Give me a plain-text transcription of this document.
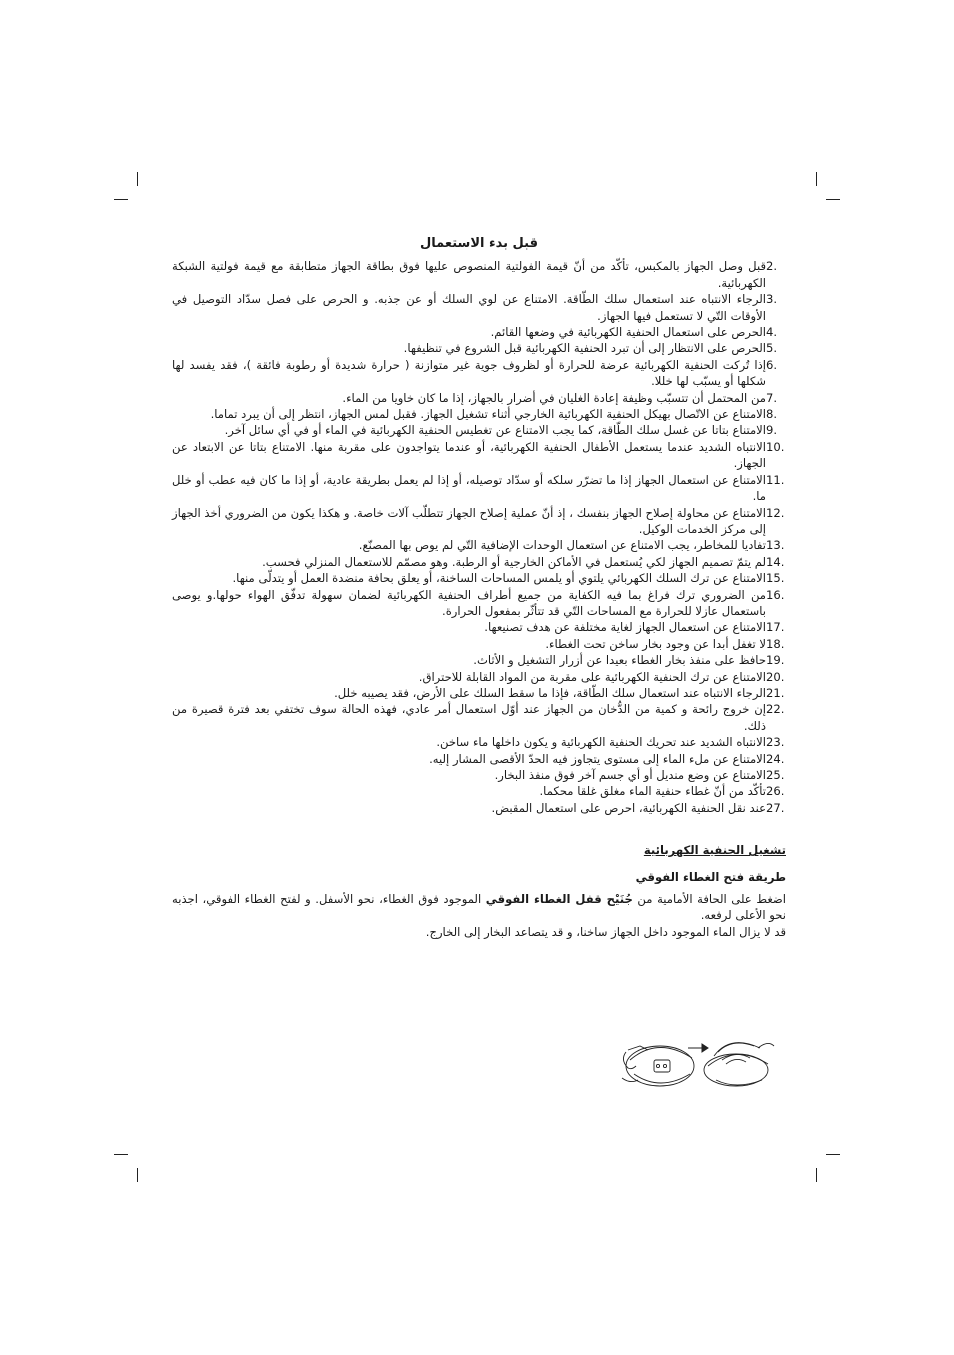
قبل بدء الاستعمال
2.
قبل وصل الجهاز بالمكبس، تأكّد من أنّ قيمة الفولتية المنصوص عليها فوق بطاقة الجهاز متطابقة مع قيمة فولتية الشبكة الكهربائية.
3.
الرجاء الانتباه عند استعمال سلك الطّاقة. الامتناع عن لوي السلك أو عن جذبه. و الحرص على فصل سدّاد التوصيل في الأوقات التّي لا تستعمل فيها الجهاز.
4.
الحرص على استعمال الحنفية الكهربائية في وضعها القائم.
5.
الحرص على الانتظار إلى أن تبرد الحنفية الكهربائية قبل الشروع في تنظيفها.
6.
إذا تُركت الحنفية الكهربائية عرضة للحرارة أو لظروف جوية غير متوازنة ( حرارة شديدة أو رطوبة فائقة )، فقد يفسد لها شكلها أو يسبّب لها خللا.
7.
من المحتمل أن تتسبّب وظيفة إعادة الغليان في أضرار بالجهاز، إذا ما كان خاويا من الماء.
8.
الامتناع عن الاتّصال بهيكل الحنفية الكهربائية الخارجي أثناء تشغيل الجهاز. فقبل لمس الجهاز، انتظر إلى أن يبرد تماما.
9.
الامتناع بتاتا عن غسل سلك الطّاقة، كما يجب الامتناع عن تغطيس الحنفية الكهربائية في الماء أو في أي سائل آخر.
10.
الانتباه الشديد عندما يستعمل الأطفال الحنفية الكهربائية، أو عندما يتواجدون على مقربة منها. الامتناع بتاتا عن الابتعاد عن الجهاز.
11.
الامتناع عن استعمال الجهاز إذا ما تضرّر سلكه أو سدّاد توصيله، أو إذا لم يعمل بطريقة عادية، أو إذا ما كان فيه عطب أو خلل ما.
12.
الامتناع عن محاولة إصلاح الجهاز بنفسك ، إذ أنّ عملية إصلاح الجهاز تتطلّب آلات خاصة. و هكذا يكون من الضروري أخذ الجهاز إلى مركز الخدمات الوكيل.
13.
تفاديا للمخاطر، يجب الامتناع عن استعمال الوحدات الإضافية التّي لم يوص بها المصنّع.
14.
لم يتمّ تصميم الجهاز لكي يُستعمل في الأماكن الخارجية أو الرطبة. وهو مصمّم للاستعمال المنزلي فحسب.
15.
الامتناع عن ترك السلك الكهربائي يلتوي أو يلمس المساحات الساخنة، أو يعلق بحافة منضدة العمل أو يتدلّى منها.
16.
من الضروري ترك فراغ بما فيه الكفاية من جميع أطراف الحنفية الكهربائية لضمان سهولة تدفّق الهواء حولها.و يوصى باستعمال عازلا للحرارة مع المساحات التّي قد تتأثّر بمفعول الحرارة.
17.
الامتناع عن استعمال الجهاز لغاية مختلفة عن هدف تصنيعها.
18.
لا تغفل أبدا عن وجود بخار ساخن تحت الغطاء.
19.
حافظ على منفذ بخار الغطاء بعيدا عن أزرار التشغيل و الأثاث.
20.
الامتناع عن ترك الحنفية الكهربائية على مقربة من المواد القابلة للاحتراق.
21.
الرجاء الانتباه عند استعمال سلك الطّاقة، فإذا ما سقط السلك على الأرض، فقد يصيبه خلل.
22.
إن خروج رائحة و كمية من الدُّخان من الجهاز عند أوّل استعمال أمر عادي، فهذه الحالة سوف تختفي بعد فترة قصيرة من ذلك.
23.
الانتباه الشديد عند تحريك الحنفية الكهربائية و يكون داخلها ماء ساخن.
24.
الامتناع عن ملء الماء إلى مستوى يتجاوز فيه الحدّ الأقصى المشار إليه.
25.
الامتناع عن وضع منديل أو أي جسم آخر فوق منفذ البخار.
26.
تأكّد من أنّ غطاء حنفية الماء مغلق غلقا محكما.
27.
عند نقل الحنفية الكهربائية، احرص على استعمال المقبض.
تشغيل الحنفية الكهربائية
طريقة فتح الغطاء الفوقي
اضغط على الحافة الأمامية من جُنَيْح قفل الغطاء الفوقي الموجود فوق الغطاء، نحو الأسفل. و لفتح الغطاء الفوقي، اجذبه نحو الأعلى لرفعه.
قد لا يزال الماء الموجود داخل الجهاز ساخنا، و قد يتصاعد البخار إلى الخارج.
